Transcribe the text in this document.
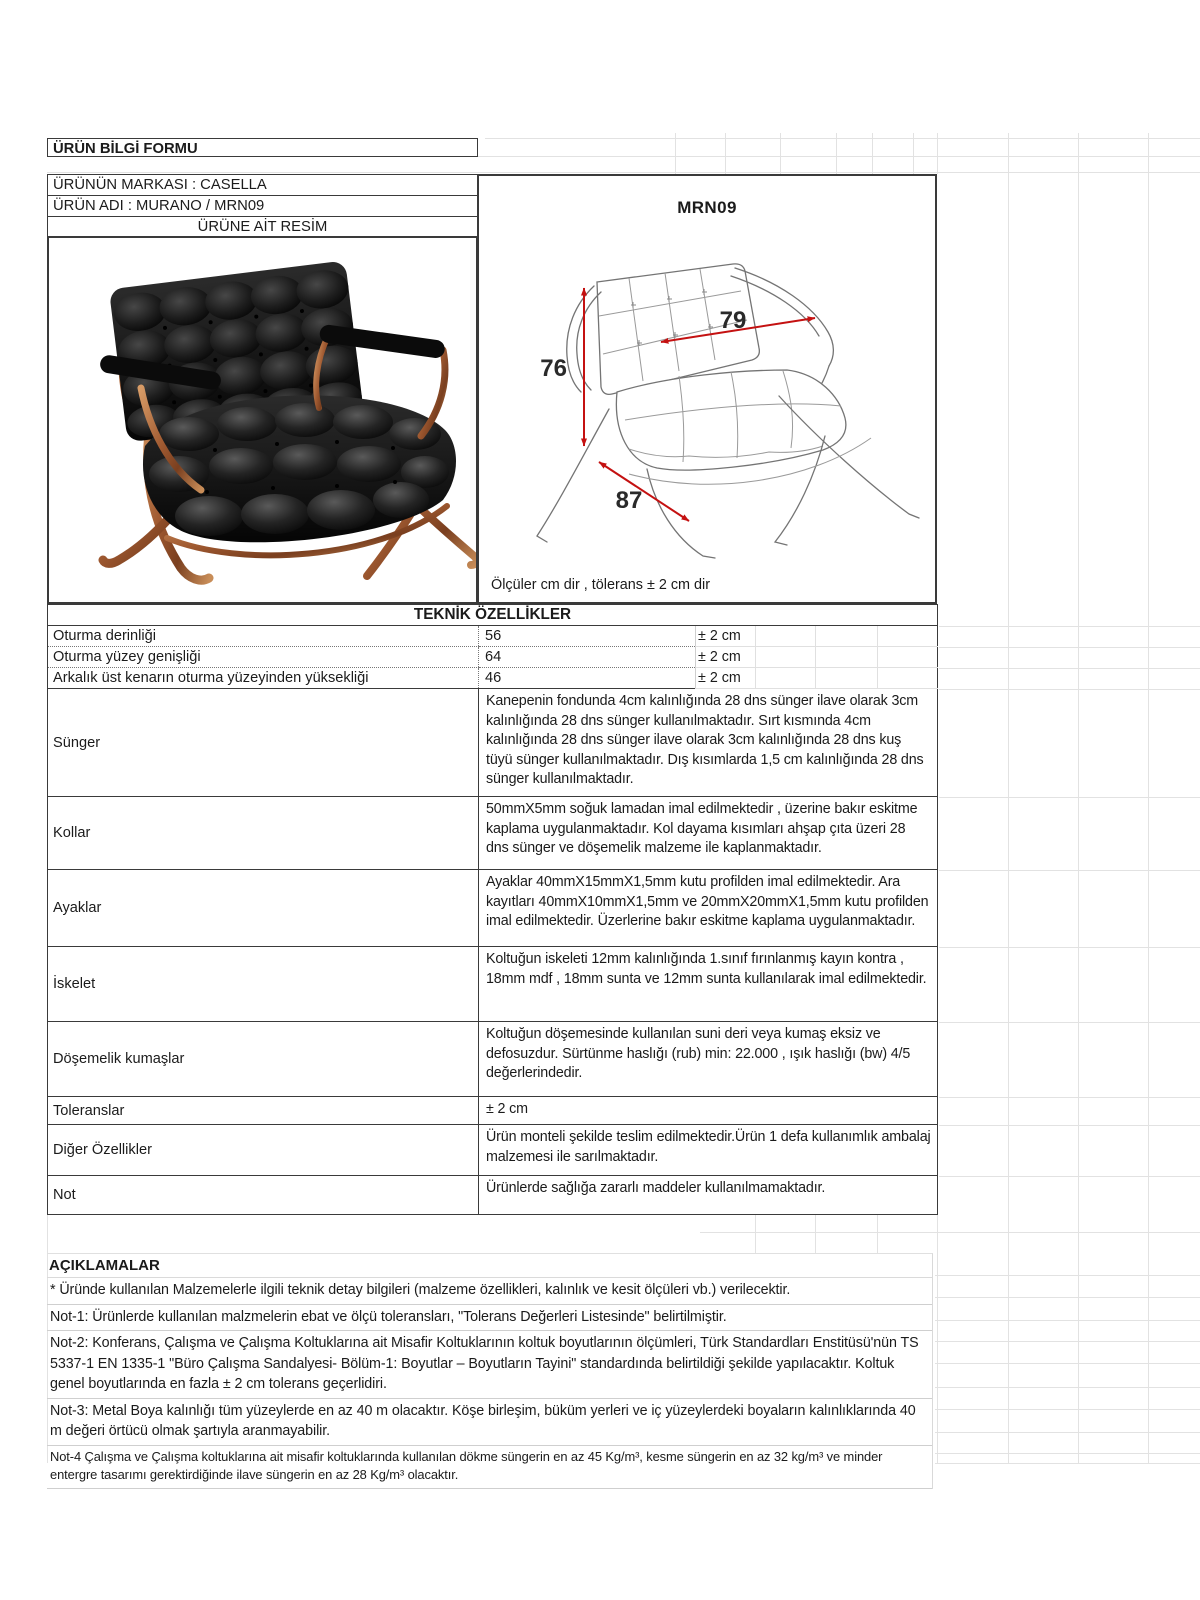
ÜRÜN BİLGİ FORMU
ÜRÜNÜN MARKASI : CASELLA
ÜRÜN ADI : MURANO / MRN09
ÜRÜNE AİT RESİM
MRN09
76
79
87
Ölçüler cm dir , tölerans ± 2 cm dir
TEKNİK ÖZELLİKLER					
Oturma derinliği	56	± 2 cm			
Oturma yüzey genişliği	64	± 2 cm			
Arkalık üst kenarın oturma yüzeyinden yüksekliği	46	± 2 cm			
Sünger	Kanepenin fondunda 4cm kalınlığında 28 dns sünger ilave olarak 3cm kalınlığında 28 dns sünger kullanılmaktadır. Sırt kısmında 4cm kalınlığında 28 dns sünger ilave olarak 3cm kalınlığında 28 dns kuş tüyü sünger kullanılmaktadır. Dış kısımlarda 1,5 cm kalınlığında 28 dns sünger kullanılmaktadır.				
Kollar	50mmX5mm soğuk lamadan imal edilmektedir , üzerine bakır eskitme kaplama uygulanmaktadır. Kol dayama kısımları ahşap çıta üzeri 28 dns sünger ve döşemelik malzeme ile kaplanmaktadır.				
Ayaklar	Ayaklar 40mmX15mmX1,5mm kutu profilden imal edilmektedir. Ara kayıtları 40mmX10mmX1,5mm ve 20mmX20mmX1,5mm kutu profilden imal edilmektedir. Üzerlerine bakır eskitme kaplama uygulanmaktadır.				
İskelet	Koltuğun iskeleti 12mm kalınlığında 1.sınıf fırınlanmış kayın kontra , 18mm mdf , 18mm sunta ve 12mm sunta kullanılarak imal edilmektedir.				
Döşemelik kumaşlar	Koltuğun döşemesinde kullanılan suni deri veya kumaş eksiz ve defosuzdur. Sürtünme haslığı (rub) min: 22.000 , ışık haslığı (bw) 4/5 değerlerindedir.				
Toleranslar	± 2 cm				
Diğer Özellikler	Ürün monteli şekilde teslim edilmektedir.Ürün 1 defa kullanımlık ambalaj malzemesi ile sarılmaktadır.				
Not	Ürünlerde sağlığa zararlı maddeler kullanılmamaktadır.				
AÇIKLAMALAR
* Üründe kullanılan Malzemelerle ilgili teknik detay bilgileri (malzeme özellikleri, kalınlık ve kesit ölçüleri vb.) verilecektir.
Not-1: Ürünlerde kullanılan malzmelerin ebat ve ölçü toleransları, "Tolerans Değerleri Listesinde" belirtilmiştir.
Not-2: Konferans, Çalışma ve Çalışma Koltuklarına ait Misafir Koltuklarının koltuk boyutlarının ölçümleri, Türk Standardları Enstitüsü'nün TS 5337-1 EN 1335-1 "Büro Çalışma Sandalyesi- Bölüm-1: Boyutlar – Boyutların Tayini" standardında belirtildiği şekilde yapılacaktır. Koltuk genel boyutlarında en fazla ± 2 cm tolerans geçerlidiri.
Not-3: Metal Boya kalınlığı tüm yüzeylerde en az 40 m olacaktır. Köşe birleşim, büküm yerleri ve iç yüzeylerdeki boyaların kalınlıklarında 40 m değeri örtücü olmak şartıyla aranmayabilir.
Not-4 Çalışma ve Çalışma koltuklarına ait misafir koltuklarında kullanılan dökme süngerin en az 45 Kg/m³, kesme süngerin en az 32 kg/m³ ve minder entergre tasarımı gerektirdiğinde ilave süngerin en az 28 Kg/m³ olacaktır.
